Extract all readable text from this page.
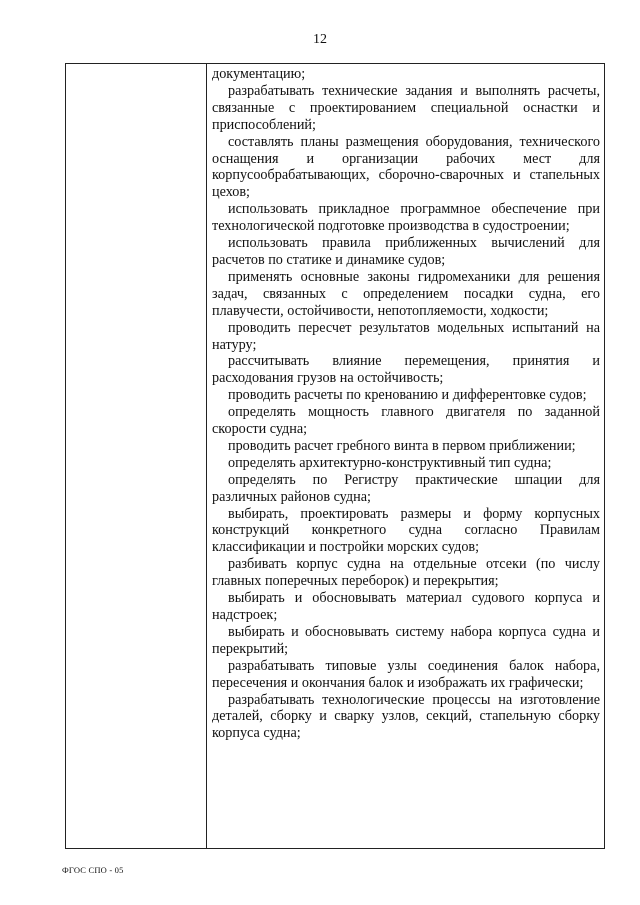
12

документацию;

разрабатывать технические задания и выполнять расчеты, связанные с проектированием специальной оснастки и приспособлений;

составлять планы размещения оборудования, технического оснащения и организации рабочих мест для корпусообрабатывающих, сборочно-сварочных и стапельных цехов;

использовать прикладное программное обеспечение при технологической подготовке производства в судостроении;

использовать правила приближенных вычислений для расчетов по статике и динамике судов;

применять основные законы гидромеханики для решения задач, связанных с определением посадки судна, его плавучести, остойчивости, непотопляемости, ходкости;

проводить пересчет результатов модельных испытаний на натуру;

рассчитывать влияние перемещения, принятия и расходования грузов на остойчивость;

проводить расчеты по кренованию и дифферентовке судов;

определять мощность главного двигателя по заданной скорости судна;

проводить расчет гребного винта в первом приближении;

определять архитектурно-конструктивный тип судна;

определять по Регистру практические шпации для различных районов судна;

выбирать, проектировать размеры и форму корпусных конструкций конкретного судна согласно Правилам классификации и постройки морских судов;

разбивать корпус судна на отдельные отсеки (по числу главных поперечных переборок) и перекрытия;

выбирать и обосновывать материал судового корпуса и надстроек;

выбирать и обосновывать систему набора корпуса судна и перекрытий;

разрабатывать типовые узлы соединения балок набора, пересечения и окончания балок и изображать их графически;

разрабатывать технологические процессы на изготовление деталей, сборку и сварку узлов, секций, стапельную сборку корпуса судна;

ФГОС СПО - 05
